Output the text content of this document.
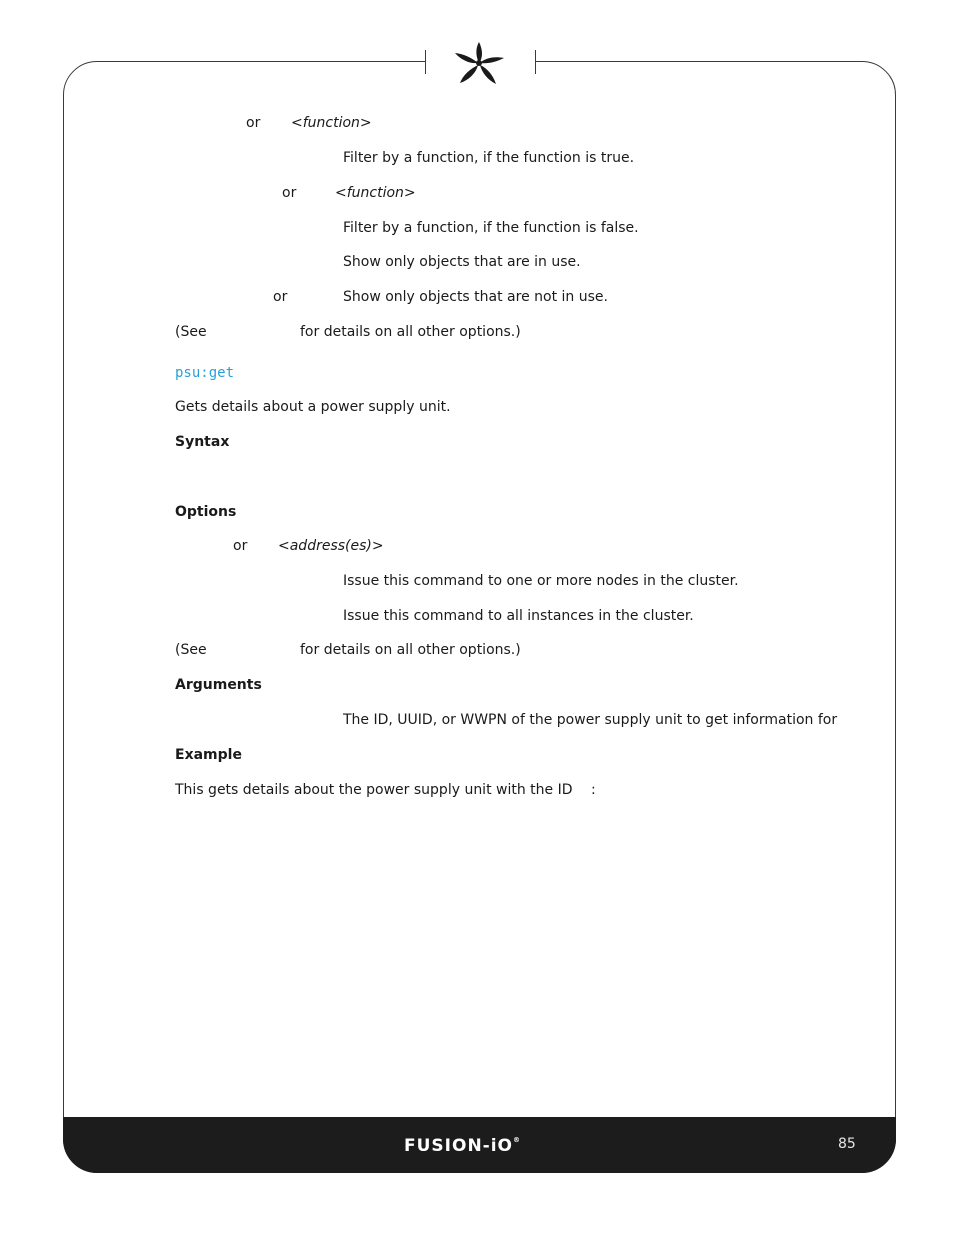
or <function>
Filter by a function, if the function is true.
or	<function>
Filter by a function, if the function is false.
Show only objects that are in use.
or	Show only objects that are not in use.
(See	for details on all other options.)
psu:get
Gets details about a power supply unit.
Syntax
Options
or <address(es)>
Issue this command to one or more nodes in the cluster.
Issue this command to all instances in the cluster.
(See	for details on all other options.)
Arguments
The ID, UUID, or WWPN of the power supply unit to get information for
Example
This gets details about the power supply unit with the ID :
FUSION-iO®	85
